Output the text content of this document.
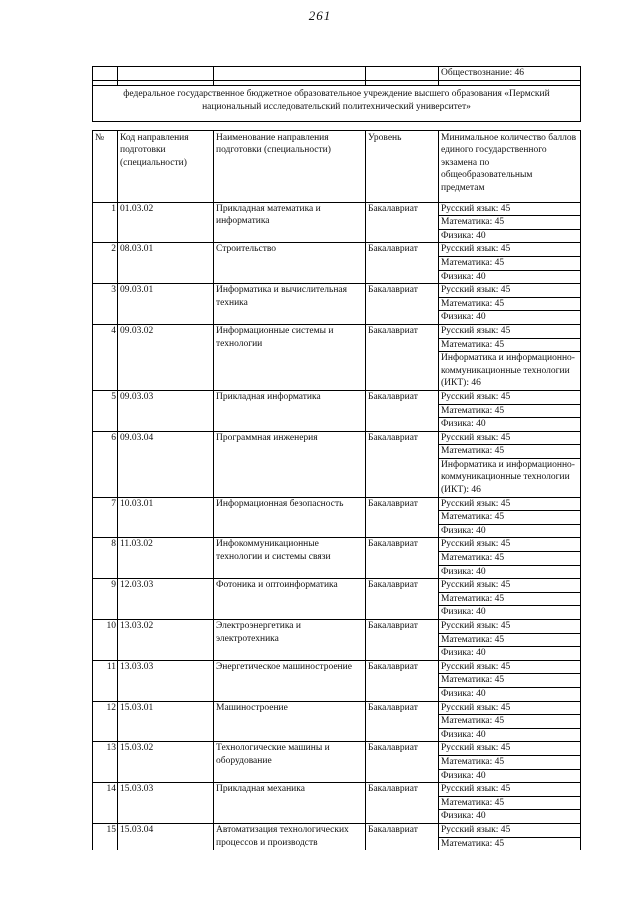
261
				Обществознание: 46

федеральное государственное бюджетное образовательное учреждение высшего образования «Пермский национальный исследовательский политехнический университет»				

№	Код направления подготовки (специальности)	Наименование направления подготовки (специальности)	Уровень	Минимальное количество баллов единого государственного экзамена по общеобразовательным предметам
1	01.03.02	Прикладная математика и информатика	Бакалавриат	Русский язык: 45
				Математика: 45
				Физика: 40
2	08.03.01	Строительство	Бакалавриат	Русский язык: 45
				Математика: 45
				Физика: 40
3	09.03.01	Информатика и вычислительная техника	Бакалавриат	Русский язык: 45
				Математика: 45
				Физика: 40
4	09.03.02	Информационные системы и технологии	Бакалавриат	Русский язык: 45
				Математика: 45
				Информатика и информационно-коммуникационные технологии (ИКТ): 46
5	09.03.03	Прикладная информатика	Бакалавриат	Русский язык: 45
				Математика: 45
				Физика: 40
6	09.03.04	Программная инженерия	Бакалавриат	Русский язык: 45
				Математика: 45
				Информатика и информационно-коммуникационные технологии (ИКТ): 46
7	10.03.01	Информационная безопасность	Бакалавриат	Русский язык: 45
				Математика: 45
				Физика: 40
8	11.03.02	Инфокоммуникационные технологии и системы связи	Бакалавриат	Русский язык: 45
				Математика: 45
				Физика: 40
9	12.03.03	Фотоника и оптоинформатика	Бакалавриат	Русский язык: 45
				Математика: 45
				Физика: 40
10	13.03.02	Электроэнергетика и электротехника	Бакалавриат	Русский язык: 45
				Математика: 45
				Физика: 40
11	13.03.03	Энергетическое машиностроение	Бакалавриат	Русский язык: 45
				Математика: 45
				Физика: 40
12	15.03.01	Машиностроение	Бакалавриат	Русский язык: 45
				Математика: 45
				Физика: 40
13	15.03.02	Технологические машины и оборудование	Бакалавриат	Русский язык: 45
				Математика: 45
				Физика: 40
14	15.03.03	Прикладная механика	Бакалавриат	Русский язык: 45
				Математика: 45
				Физика: 40
15	15.03.04	Автоматизация технологических процессов и производств	Бакалавриат	Русский язык: 45
				Математика: 45
